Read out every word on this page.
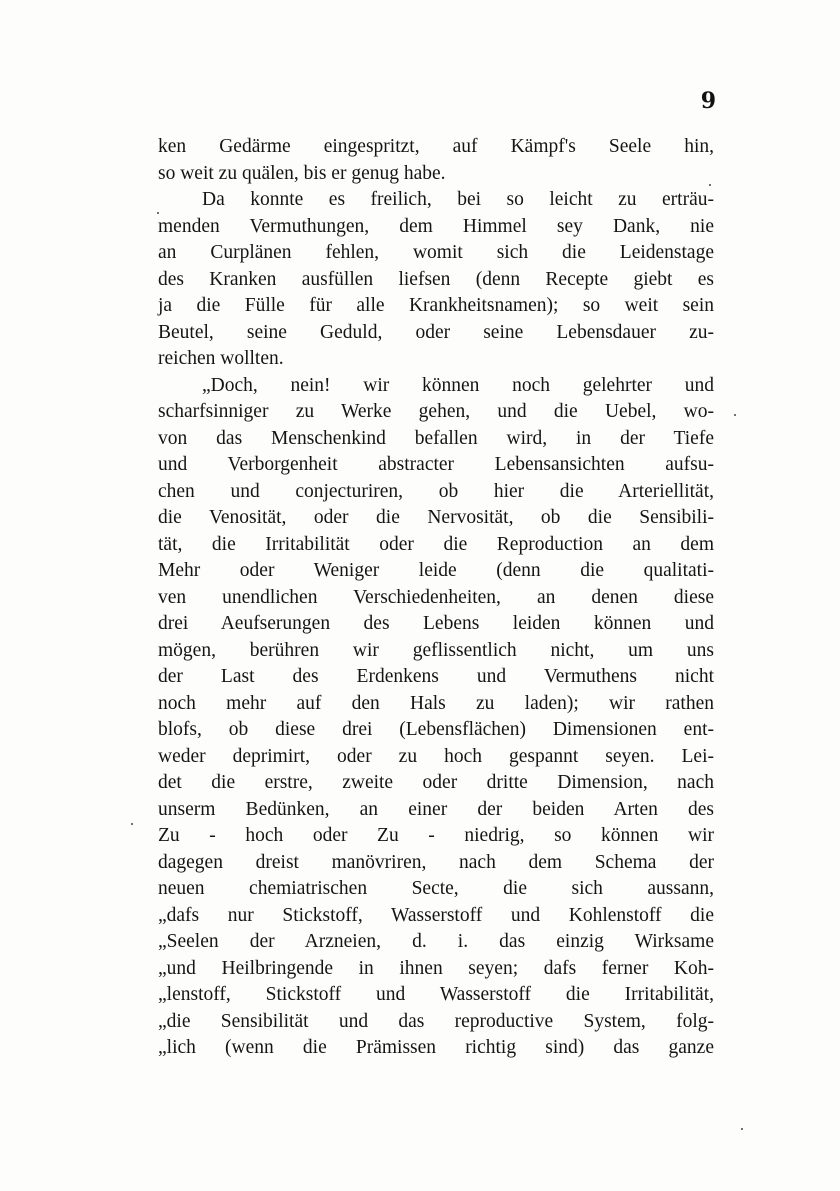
9
ken Gedärme eingespritzt, auf Kämpf's Seele hin,
so weit zu quälen, bis er genug habe.
Da konnte es freilich, bei so leicht zu erträu-
menden Vermuthungen, dem Himmel sey Dank, nie
an Curplänen fehlen, womit sich die Leidenstage
des Kranken ausfüllen liefsen (denn Recepte giebt es
ja die Fülle für alle Krankheitsnamen); so weit sein
Beutel, seine Geduld, oder seine Lebensdauer zu-
reichen wollten.
„Doch, nein! wir können noch gelehrter und
scharfsinniger zu Werke gehen, und die Uebel, wo-
von das Menschenkind befallen wird, in der Tiefe
und Verborgenheit abstracter Lebensansichten aufsu-
chen und conjecturiren, ob hier die Arteriellität,
die Venosität, oder die Nervosität, ob die Sensibili-
tät, die Irritabilität oder die Reproduction an dem
Mehr oder Weniger leide (denn die qualitati-
ven unendlichen Verschiedenheiten, an denen diese
drei Aeufserungen des Lebens leiden können und
mögen, berühren wir geflissentlich nicht, um uns
der Last des Erdenkens und Vermuthens nicht
noch mehr auf den Hals zu laden); wir rathen
blofs, ob diese drei (Lebensflächen) Dimensionen ent-
weder deprimirt, oder zu hoch gespannt seyen. Lei-
det die erstre, zweite oder dritte Dimension, nach
unserm Bedünken, an einer der beiden Arten des
Zu - hoch oder Zu - niedrig, so können wir
dagegen dreist manövriren, nach dem Schema der
neuen chemiatrischen Secte, die sich aussann,
„dafs nur Stickstoff, Wasserstoff und Kohlenstoff die
„Seelen der Arzneien, d. i. das einzig Wirksame
„und Heilbringende in ihnen seyen; dafs ferner Koh-
„lenstoff, Stickstoff und Wasserstoff die Irritabilität,
„die Sensibilität und das reproductive System, folg-
„lich (wenn die Prämissen richtig sind) das ganze
